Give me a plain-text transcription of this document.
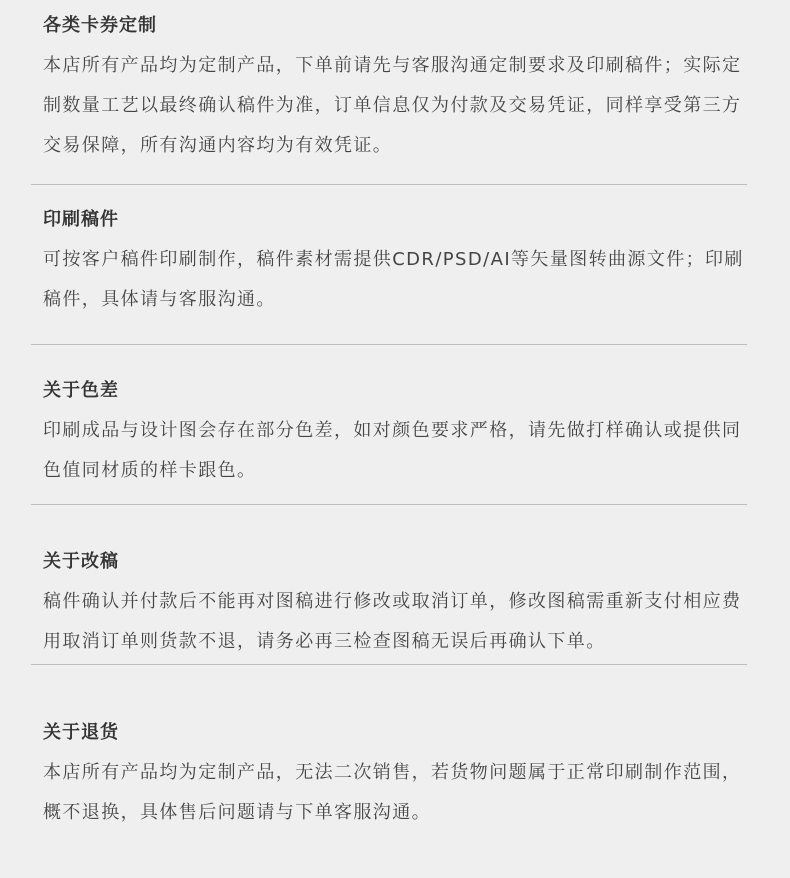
各类卡券定制

本店所有产品均为定制产品，下单前请先与客服沟通定制要求及印刷稿件；实际定制数量工艺以最终确认稿件为准，订单信息仅为付款及交易凭证，同样享受第三方交易保障，所有沟通内容均为有效凭证。

印刷稿件

可按客户稿件印刷制作，稿件素材需提供CDR/PSD/AI等矢量图转曲源文件；印刷稿件，具体请与客服沟通。

关于色差

印刷成品与设计图会存在部分色差，如对颜色要求严格，请先做打样确认或提供同色值同材质的样卡跟色。

关于改稿

稿件确认并付款后不能再对图稿进行修改或取消订单，修改图稿需重新支付相应费用取消订单则货款不退，请务必再三检查图稿无误后再确认下单。

关于退货

本店所有产品均为定制产品，无法二次销售，若货物问题属于正常印刷制作范围，概不退换，具体售后问题请与下单客服沟通。
